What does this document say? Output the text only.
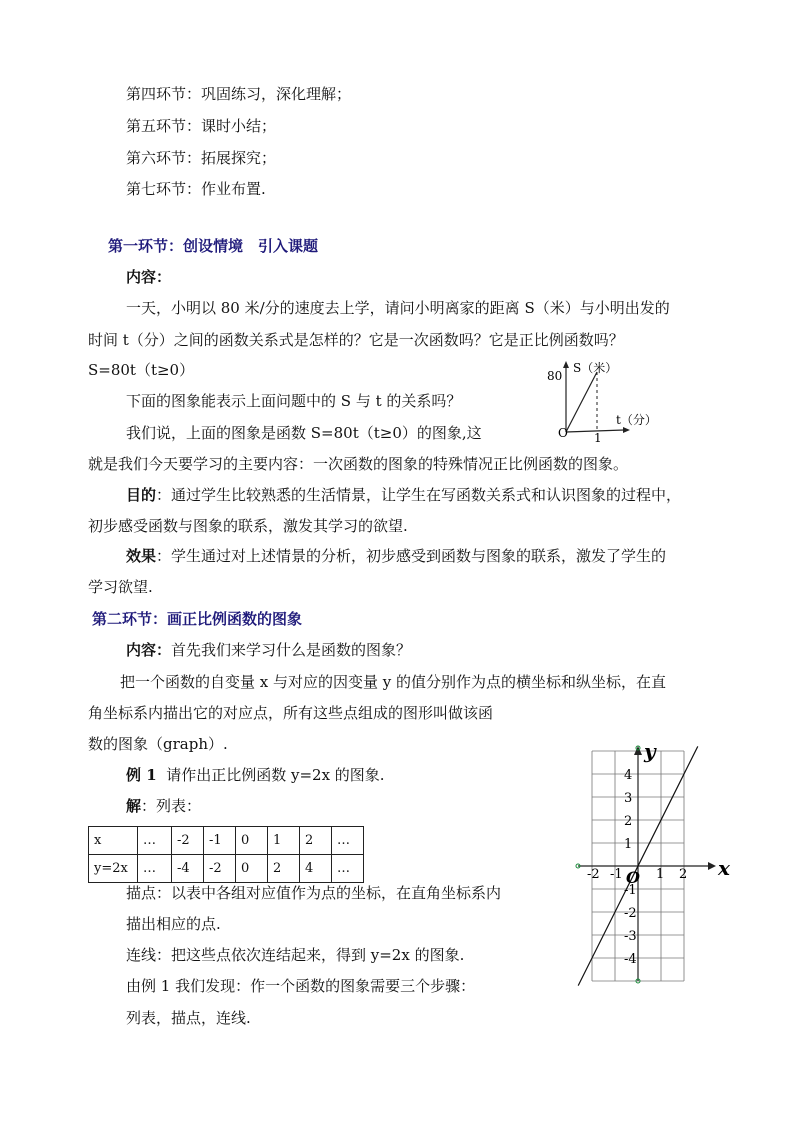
第四环节：巩固练习，深化理解；
第五环节：课时小结；
第六环节：拓展探究；
第七环节：作业布置.
第一环节：创设情境　引入课题
内容：
一天，小明以 80 米/分的速度去上学，请问小明离家的距离 S（米）与小明出发的
时间 t（分）之间的函数关系式是怎样的？它是一次函数吗？它是正比例函数吗？
S=80t（t≥0）
下面的图象能表示上面问题中的 S 与 t 的关系吗？
我们说，上面的图象是函数 S=80t（t≥0）的图象,这
就是我们今天要学习的主要内容：一次函数的图象的特殊情况正比例函数的图象。
目的：通过学生比较熟悉的生活情景，让学生在写函数关系式和认识图象的过程中，
初步感受函数与图象的联系，激发其学习的欲望.
效果：学生通过对上述情景的分析，初步感受到函数与图象的联系，激发了学生的
学习欲望.
S（米）
80
t（分）
1
O
第二环节：画正比例函数的图象
内容：首先我们来学习什么是函数的图象？
把一个函数的自变量 x 与对应的因变量 y 的值分别作为点的横坐标和纵坐标，在直
角坐标系内描出它的对应点，所有这些点组成的图形叫做该函
数的图象（graph）.
例 1 请作出正比例函数 y=2x 的图象.
解：列表：
x	…	-2	-1	0	1	2	…
y=2x	…	-4	-2	0	2	4	…
描点：以表中各组对应值作为点的坐标，在直角坐标系内
描出相应的点.
连线：把这些点依次连结起来，得到 y=2x 的图象.
由例 1 我们发现：作一个函数的图象需要三个步骤：
列表，描点，连线.
-2 -1	1 2
4
3
2
1
-1
-2
-3
-4
x
y
O
